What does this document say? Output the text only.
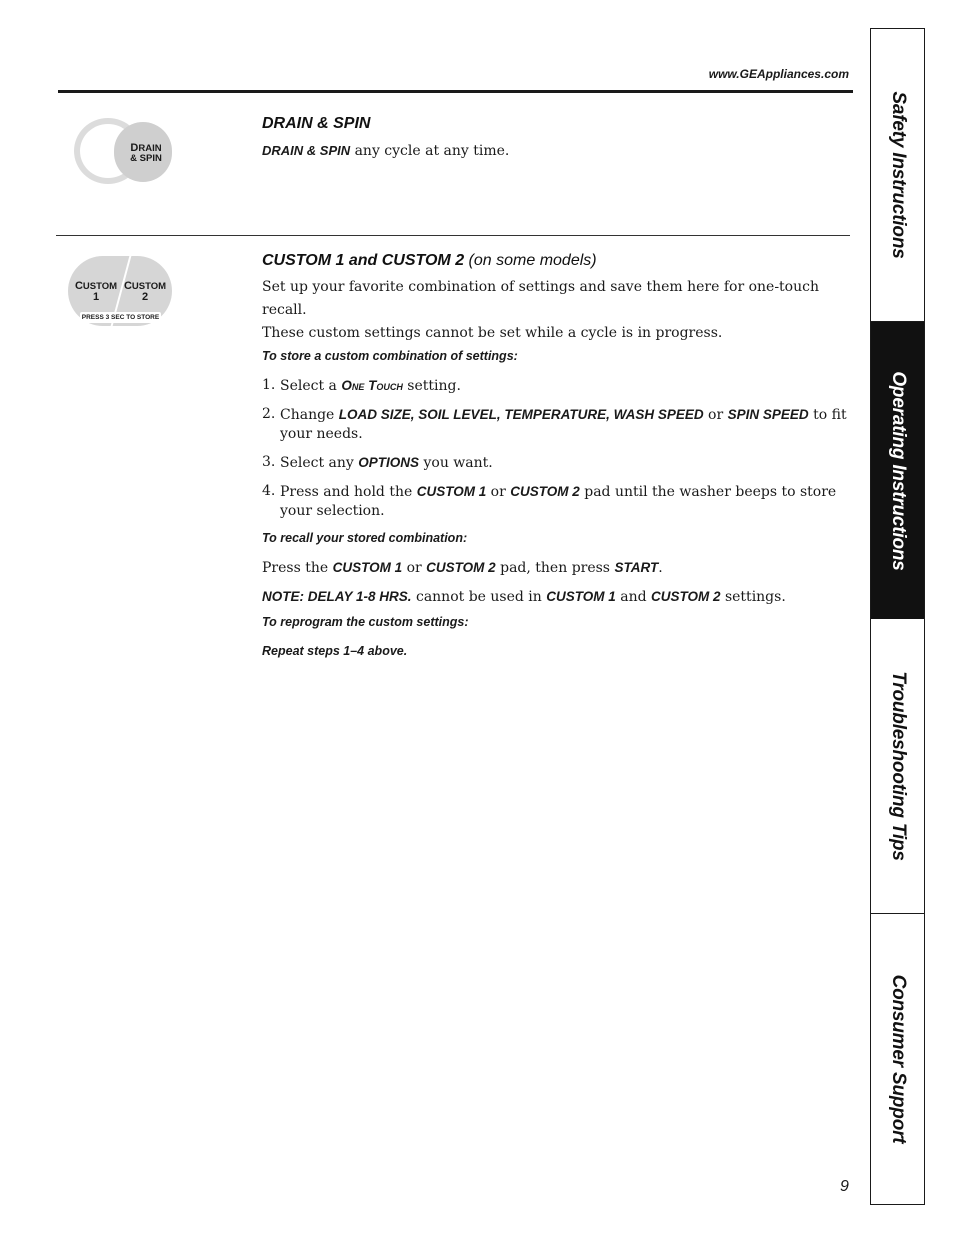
www.GEAppliances.com
Safety Instructions
Operating Instructions
Troubleshooting Tips
Consumer Support
DRAIN
& SPIN
DRAIN & SPIN

DRAIN & SPIN any cycle at any time.

CUSTOM
1
CUSTOM
2
PRESS 3 SEC TO STORE
CUSTOM 1 and CUSTOM 2 (on some models)

Set up your favorite combination of settings and save them here for one-touch recall.

These custom settings cannot be set while a cycle is in progress.

To store a custom combination of settings:
1. Select a One Touch setting.
2. Change LOAD SIZE, SOIL LEVEL, TEMPERATURE, WASH SPEED or SPIN SPEED to fit your needs.
3. Select any OPTIONS you want.
4. Press and hold the CUSTOM 1 or CUSTOM 2 pad until the washer beeps to store your selection.
To recall your stored combination:

Press the CUSTOM 1 or CUSTOM 2 pad, then press START.

NOTE: DELAY 1-8 HRS. cannot be used in CUSTOM 1 and CUSTOM 2 settings.

To reprogram the custom settings:
Repeat steps 1–4 above.
9
